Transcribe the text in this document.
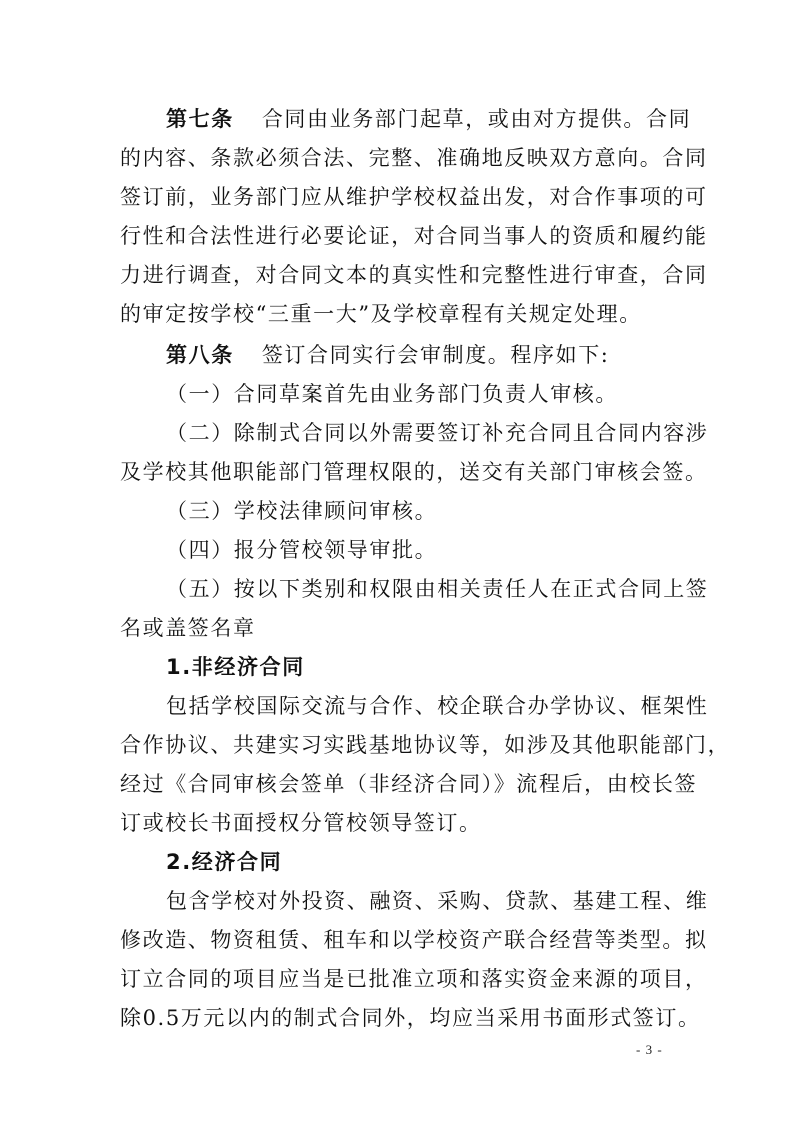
第七条 合同由业务部门起草，或由对方提供。合同
的内容、条款必须合法、完整、准确地反映双方意向。合同
签订前，业务部门应从维护学校权益出发，对合作事项的可
行性和合法性进行必要论证，对合同当事人的资质和履约能
力进行调查，对合同文本的真实性和完整性进行审查，合同
的审定按学校“三重一大”及学校章程有关规定处理。
第八条 签订合同实行会审制度。程序如下:
（一）合同草案首先由业务部门负责人审核。
（二）除制式合同以外需要签订补充合同且合同内容涉
及学校其他职能部门管理权限的，送交有关部门审核会签。
（三）学校法律顾问审核。
（四）报分管校领导审批。
（五）按以下类别和权限由相关责任人在正式合同上签
名或盖签名章
1.非经济合同
包括学校国际交流与合作、校企联合办学协议、框架性
合作协议、共建实习实践基地协议等，如涉及其他职能部门，
经过《合同审核会签单（非经济合同）》流程后，由校长签
订或校长书面授权分管校领导签订。
2.经济合同
包含学校对外投资、融资、采购、贷款、基建工程、维
修改造、物资租赁、租车和以学校资产联合经营等类型。拟
订立合同的项目应当是已批准立项和落实资金来源的项目，
除0.5万元以内的制式合同外，均应当采用书面形式签订。
- 3 -
